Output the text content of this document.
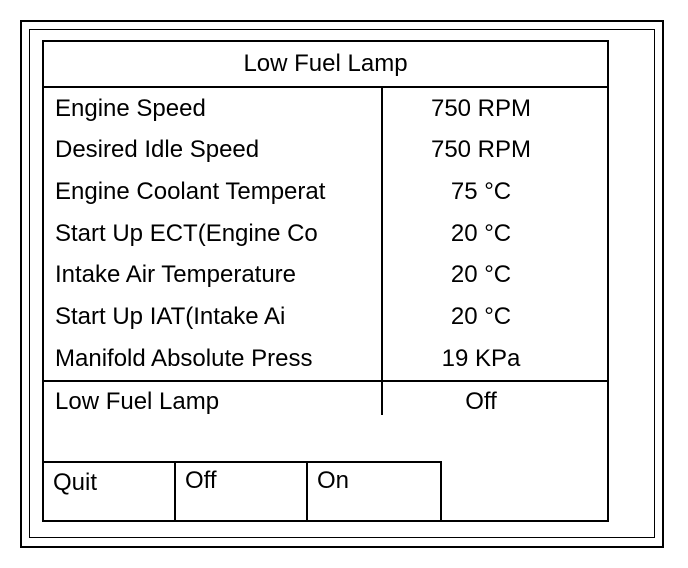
Low Fuel Lamp
Engine Speed	750 RPM
Desired Idle Speed	750 RPM
Engine Coolant Temperat	75 °C
Start Up ECT(Engine Co	20 °C
Intake Air Temperature	20 °C
Start Up IAT(Intake Ai	20 °C
Manifold Absolute Press	19 KPa
Low Fuel Lamp	Off
Quit	Off	On
